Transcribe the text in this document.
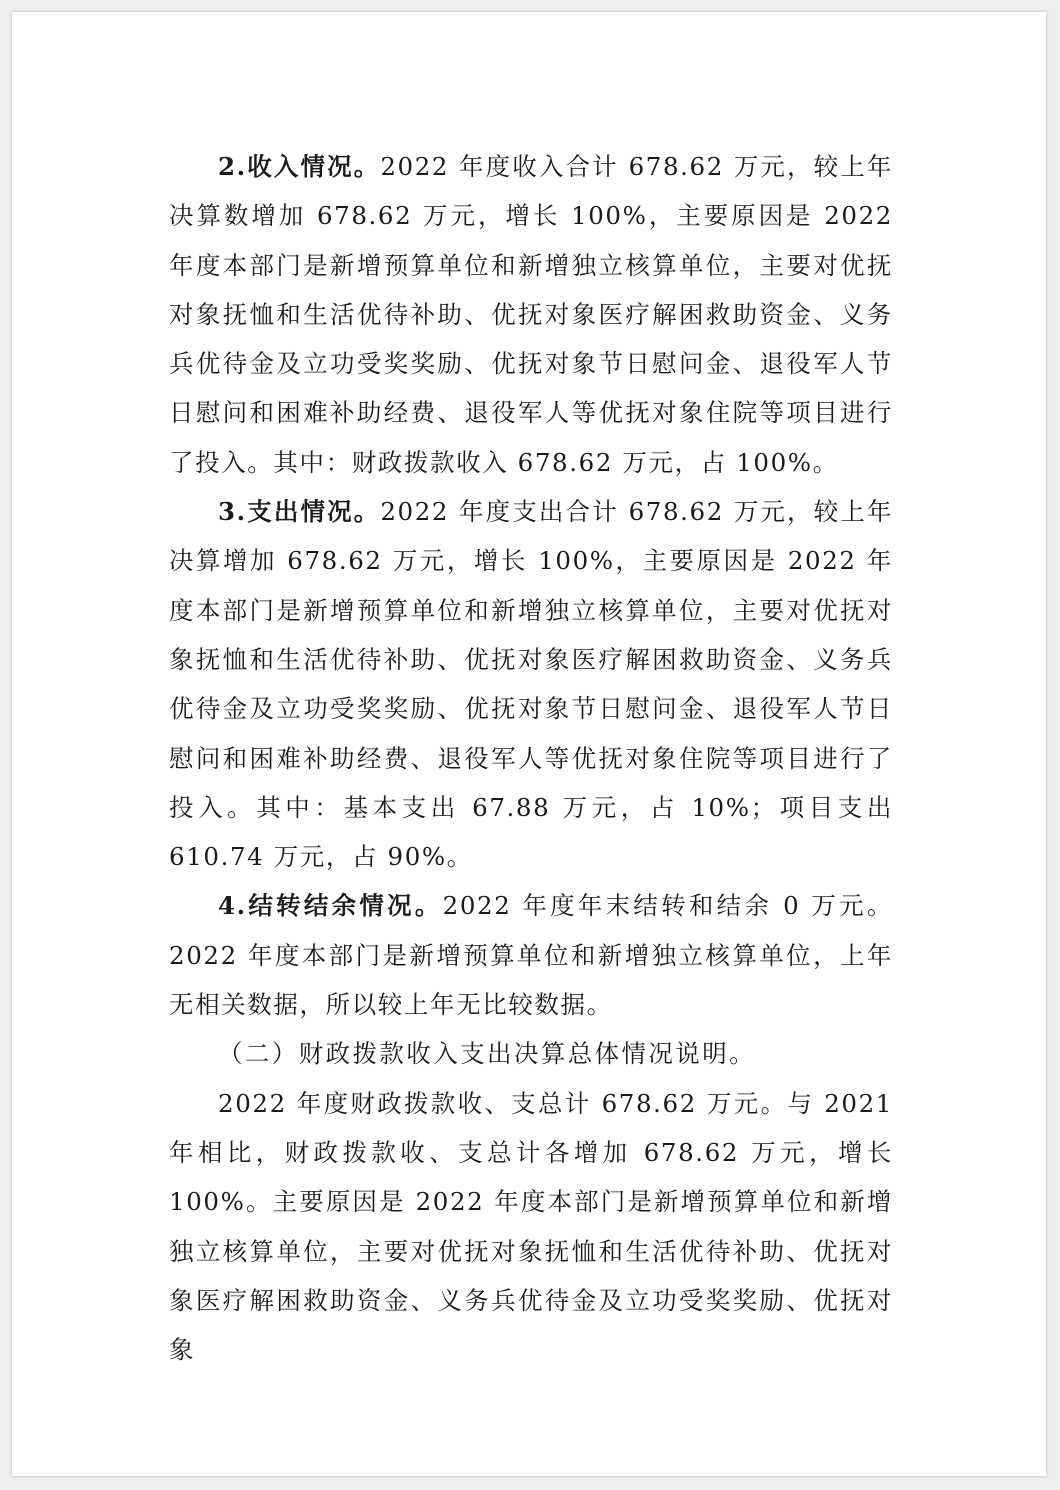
2.收入情况。2022 年度收入合计 678.62 万元，较上年决算数增加 678.62 万元，增长 100%，主要原因是 2022 年度本部门是新增预算单位和新增独立核算单位，主要对优抚对象抚恤和生活优待补助、优抚对象医疗解困救助资金、义务兵优待金及立功受奖奖励、优抚对象节日慰问金、退役军人节日慰问和困难补助经费、退役军人等优抚对象住院等项目进行了投入。其中：财政拨款收入 678.62 万元，占 100%。

3.支出情况。2022 年度支出合计 678.62 万元，较上年决算增加 678.62 万元，增长 100%，主要原因是 2022 年度本部门是新增预算单位和新增独立核算单位，主要对优抚对象抚恤和生活优待补助、优抚对象医疗解困救助资金、义务兵优待金及立功受奖奖励、优抚对象节日慰问金、退役军人节日慰问和困难补助经费、退役军人等优抚对象住院等项目进行了投入。其中：基本支出 67.88 万元，占 10%；项目支出 610.74 万元，占 90%。

4.结转结余情况。2022 年度年末结转和结余 0 万元。2022 年度本部门是新增预算单位和新增独立核算单位，上年无相关数据，所以较上年无比较数据。

（二）财政拨款收入支出决算总体情况说明。

2022 年度财政拨款收、支总计 678.62 万元。与 2021 年相比，财政拨款收、支总计各增加 678.62 万元，增长 100%。主要原因是 2022 年度本部门是新增预算单位和新增独立核算单位，主要对优抚对象抚恤和生活优待补助、优抚对象医疗解困救助资金、义务兵优待金及立功受奖奖励、优抚对象
